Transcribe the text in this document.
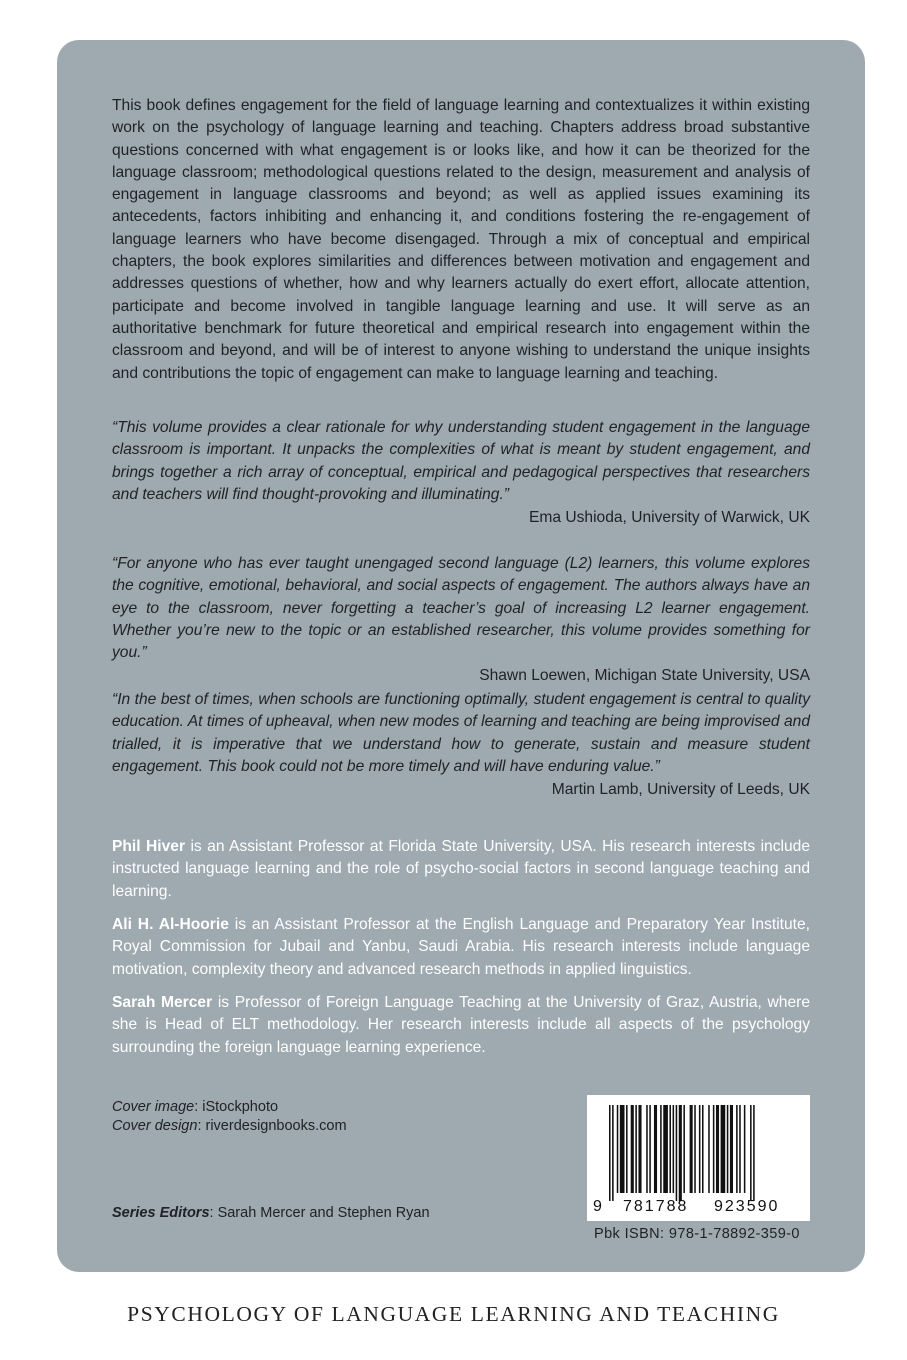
This book defines engagement for the field of language learning and contextualizes it within existing work on the psychology of language learning and teaching. Chapters address broad substantive questions concerned with what engagement is or looks like, and how it can be theorized for the language classroom; methodological questions related to the design, measurement and analysis of engagement in language classrooms and beyond; as well as applied issues examining its antecedents, factors inhibiting and enhancing it, and conditions fostering the re-engagement of language learners who have become disengaged. Through a mix of conceptual and empirical chapters, the book explores similarities and differences between motivation and engagement and addresses questions of whether, how and why learners actually do exert effort, allocate attention, participate and become involved in tangible language learning and use. It will serve as an authoritative benchmark for future theoretical and empirical research into engagement within the classroom and beyond, and will be of interest to anyone wishing to understand the unique insights and contributions the topic of engagement can make to language learning and teaching.

“This volume provides a clear rationale for why understanding student engagement in the language classroom is important. It unpacks the complexities of what is meant by student engagement, and brings together a rich array of conceptual, empirical and pedagogical perspectives that researchers and teachers will find thought-provoking and illuminating.”

Ema Ushioda, University of Warwick, UK

“For anyone who has ever taught unengaged second language (L2) learners, this volume explores the cognitive, emotional, behavioral, and social aspects of engagement. The authors always have an eye to the classroom, never forgetting a teacher’s goal of increasing L2 learner engagement. Whether you’re new to the topic or an established researcher, this volume provides something for you.”

Shawn Loewen, Michigan State University, USA

“In the best of times, when schools are functioning optimally, student engagement is central to quality education. At times of upheaval, when new modes of learning and teaching are being improvised and trialled, it is imperative that we understand how to generate, sustain and measure student engagement. This book could not be more timely and will have enduring value.”

Martin Lamb, University of Leeds, UK

Phil Hiver is an Assistant Professor at Florida State University, USA. His research interests include instructed language learning and the role of psycho-social factors in second language teaching and learning.

Ali H. Al-Hoorie is an Assistant Professor at the English Language and Preparatory Year Institute, Royal Commission for Jubail and Yanbu, Saudi Arabia. His research interests include language motivation, complexity theory and advanced research methods in applied linguistics.

Sarah Mercer is Professor of Foreign Language Teaching at the University of Graz, Austria, where she is Head of ELT methodology. Her research interests include all aspects of the psychology surrounding the foreign language learning experience.

Cover image: iStockphoto

Cover design: riverdesignbooks.com

Series Editors: Sarah Mercer and Stephen Ryan	9 781788 923590

Pbk ISBN: 978-1-78892-359-0

PSYCHOLOGY OF LANGUAGE LEARNING AND TEACHING
